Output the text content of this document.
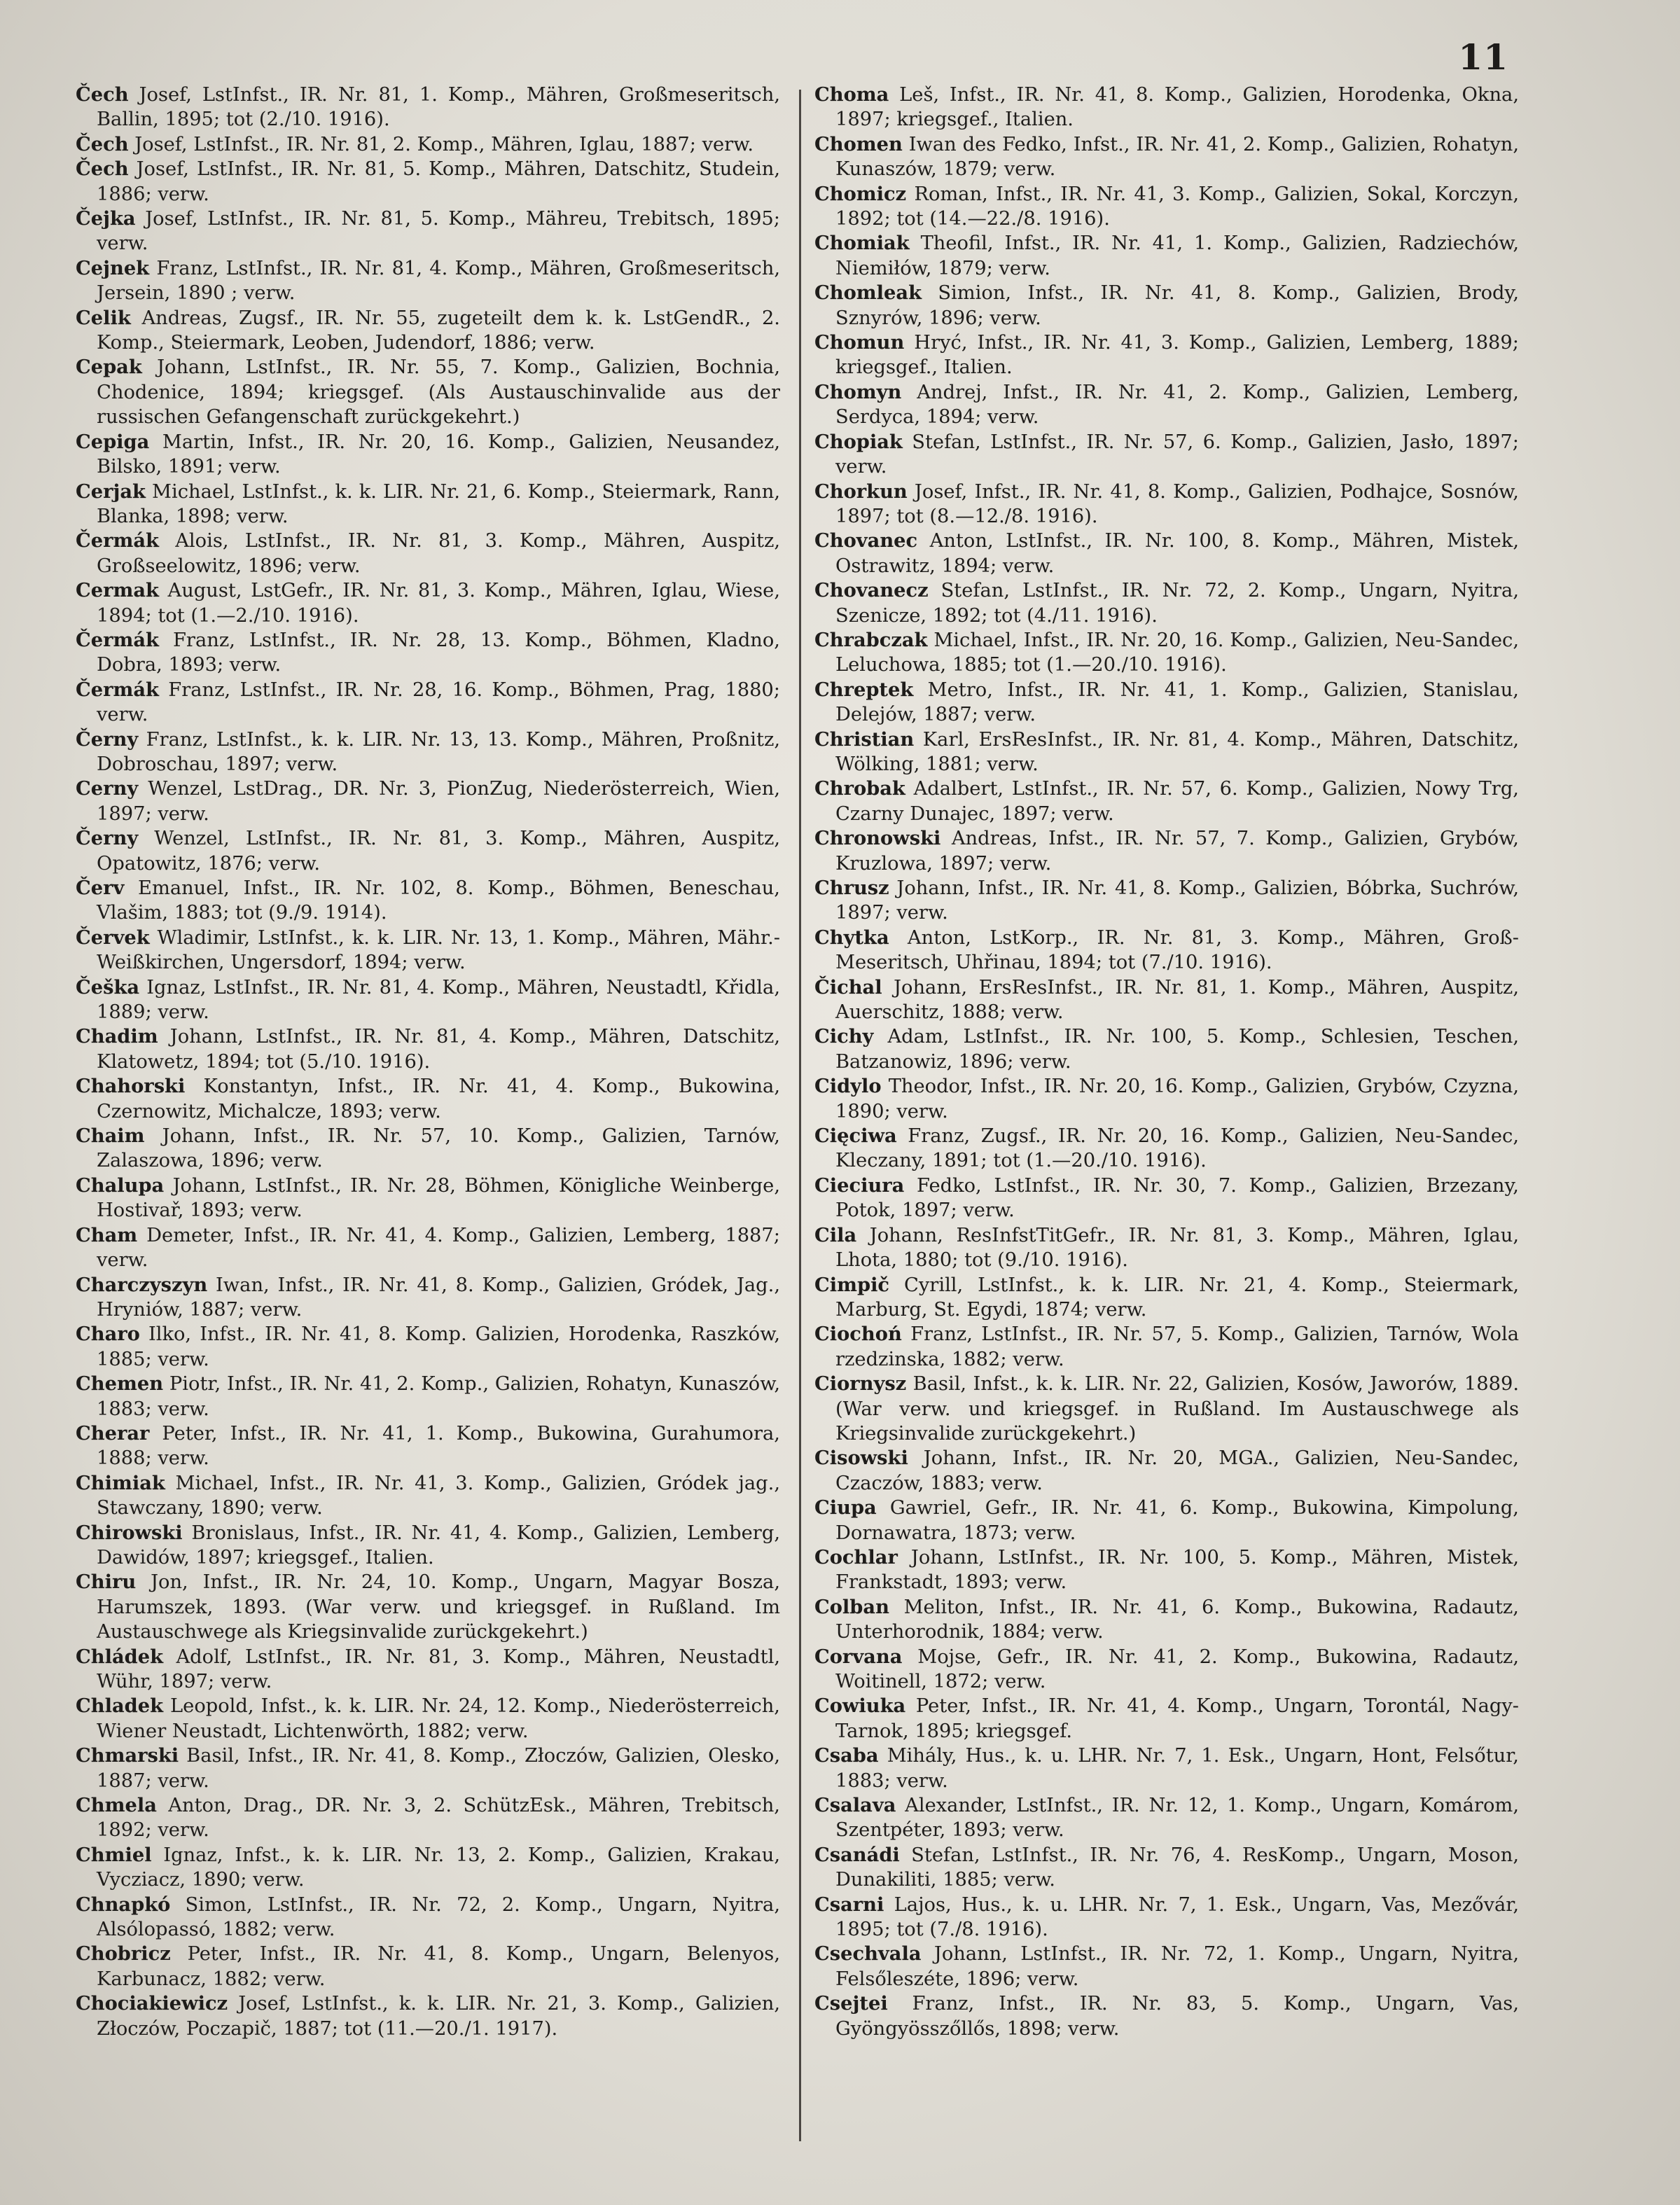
11

Čech Josef, LstInfst., IR. Nr. 81, 1. Komp., Mähren, Großmeseritsch, Ballin, 1895; tot (2./10. 1916).

Čech Josef, LstInfst., IR. Nr. 81, 2. Komp., Mähren, Iglau, 1887; verw.

Čech Josef, LstInfst., IR. Nr. 81, 5. Komp., Mähren, Datschitz, Studein, 1886; verw.

Čejka Josef, LstInfst., IR. Nr. 81, 5. Komp., Mähreu, Trebitsch, 1895; verw.

Cejnek Franz, LstInfst., IR. Nr. 81, 4. Komp., Mähren, Großmeseritsch, Jersein, 1890 ; verw.

Celik Andreas, Zugsf., IR. Nr. 55, zugeteilt dem k. k. LstGendR., 2. Komp., Steiermark, Leoben, Judendorf, 1886; verw.

Cepak Johann, LstInfst., IR. Nr. 55, 7. Komp., Galizien, Bochnia, Chodenice, 1894; kriegsgef. (Als Austauschinvalide aus der russischen Gefangenschaft zurückgekehrt.)

Cepiga Martin, Infst., IR. Nr. 20, 16. Komp., Galizien, Neusandez, Bilsko, 1891; verw.

Cerjak Michael, LstInfst., k. k. LIR. Nr. 21, 6. Komp., Steiermark, Rann, Blanka, 1898; verw.

Čermák Alois, LstInfst., IR. Nr. 81, 3. Komp., Mähren, Auspitz, Großseelowitz, 1896; verw.

Cermak August, LstGefr., IR. Nr. 81, 3. Komp., Mähren, Iglau, Wiese, 1894; tot (1.—2./10. 1916).

Čermák Franz, LstInfst., IR. Nr. 28, 13. Komp., Böhmen, Kladno, Dobra, 1893; verw.

Čermák Franz, LstInfst., IR. Nr. 28, 16. Komp., Böhmen, Prag, 1880; verw.

Černy Franz, LstInfst., k. k. LIR. Nr. 13, 13. Komp., Mähren, Proßnitz, Dobroschau, 1897; verw.

Cerny Wenzel, LstDrag., DR. Nr. 3, PionZug, Niederösterreich, Wien, 1897; verw.

Černy Wenzel, LstInfst., IR. Nr. 81, 3. Komp., Mähren, Auspitz, Opatowitz, 1876; verw.

Červ Emanuel, Infst., IR. Nr. 102, 8. Komp., Böhmen, Beneschau, Vlašim, 1883; tot (9./9. 1914).

Červek Wladimir, LstInfst., k. k. LIR. Nr. 13, 1. Komp., Mähren, Mähr.-Weißkirchen, Ungersdorf, 1894; verw.

Češka Ignaz, LstInfst., IR. Nr. 81, 4. Komp., Mähren, Neustadtl, Křidla, 1889; verw.

Chadim Johann, LstInfst., IR. Nr. 81, 4. Komp., Mähren, Datschitz, Klatowetz, 1894; tot (5./10. 1916).

Chahorski Konstantyn, Infst., IR. Nr. 41, 4. Komp., Bukowina, Czernowitz, Michalcze, 1893; verw.

Chaim Johann, Infst., IR. Nr. 57, 10. Komp., Galizien, Tarnów, Zalaszowa, 1896; verw.

Chalupa Johann, LstInfst., IR. Nr. 28, Böhmen, Königliche Weinberge, Hostivař, 1893; verw.

Cham Demeter, Infst., IR. Nr. 41, 4. Komp., Galizien, Lemberg, 1887; verw.

Charczyszyn Iwan, Infst., IR. Nr. 41, 8. Komp., Galizien, Gródek, Jag., Hryniów, 1887; verw.

Charo Ilko, Infst., IR. Nr. 41, 8. Komp. Galizien, Horodenka, Raszków, 1885; verw.

Chemen Piotr, Infst., IR. Nr. 41, 2. Komp., Galizien, Rohatyn, Kunaszów, 1883; verw.

Cherar Peter, Infst., IR. Nr. 41, 1. Komp., Bukowina, Gurahumora, 1888; verw.

Chimiak Michael, Infst., IR. Nr. 41, 3. Komp., Galizien, Gródek jag., Stawczany, 1890; verw.

Chirowski Bronislaus, Infst., IR. Nr. 41, 4. Komp., Galizien, Lemberg, Dawidów, 1897; kriegsgef., Italien.

Chiru Jon, Infst., IR. Nr. 24, 10. Komp., Ungarn, Magyar Bosza, Harumszek, 1893. (War verw. und kriegsgef. in Rußland. Im Austauschwege als Kriegsinvalide zurückgekehrt.)

Chládek Adolf, LstInfst., IR. Nr. 81, 3. Komp., Mähren, Neustadtl, Wühr, 1897; verw.

Chladek Leopold, Infst., k. k. LIR. Nr. 24, 12. Komp., Niederösterreich, Wiener Neustadt, Lichtenwörth, 1882; verw.

Chmarski Basil, Infst., IR. Nr. 41, 8. Komp., Złoczów, Galizien, Olesko, 1887; verw.

Chmela Anton, Drag., DR. Nr. 3, 2. SchützEsk., Mähren, Trebitsch, 1892; verw.

Chmiel Ignaz, Infst., k. k. LIR. Nr. 13, 2. Komp., Galizien, Krakau, Vycziacz, 1890; verw.

Chnapkó Simon, LstInfst., IR. Nr. 72, 2. Komp., Ungarn, Nyitra, Alsólopassó, 1882; verw.

Chobricz Peter, Infst., IR. Nr. 41, 8. Komp., Ungarn, Belenyos, Karbunacz, 1882; verw.

Chociakiewicz Josef, LstInfst., k. k. LIR. Nr. 21, 3. Komp., Galizien, Złoczów, Poczapič, 1887; tot (11.—20./1. 1917).

Choma Leš, Infst., IR. Nr. 41, 8. Komp., Galizien, Horodenka, Okna, 1897; kriegsgef., Italien.

Chomen Iwan des Fedko, Infst., IR. Nr. 41, 2. Komp., Galizien, Rohatyn, Kunaszów, 1879; verw.

Chomicz Roman, Infst., IR. Nr. 41, 3. Komp., Galizien, Sokal, Korczyn, 1892; tot (14.—22./8. 1916).

Chomiak Theofil, Infst., IR. Nr. 41, 1. Komp., Galizien, Radziechów, Niemiłów, 1879; verw.

Chomleak Simion, Infst., IR. Nr. 41, 8. Komp., Galizien, Brody, Sznyrów, 1896; verw.

Chomun Hryć, Infst., IR. Nr. 41, 3. Komp., Galizien, Lemberg, 1889; kriegsgef., Italien.

Chomyn Andrej, Infst., IR. Nr. 41, 2. Komp., Galizien, Lemberg, Serdyca, 1894; verw.

Chopiak Stefan, LstInfst., IR. Nr. 57, 6. Komp., Galizien, Jasło, 1897; verw.

Chorkun Josef, Infst., IR. Nr. 41, 8. Komp., Galizien, Podhajce, Sosnów, 1897; tot (8.—12./8. 1916).

Chovanec Anton, LstInfst., IR. Nr. 100, 8. Komp., Mähren, Mistek, Ostrawitz, 1894; verw.

Chovanecz Stefan, LstInfst., IR. Nr. 72, 2. Komp., Ungarn, Nyitra, Szenicze, 1892; tot (4./11. 1916).

Chrabczak Michael, Infst., IR. Nr. 20, 16. Komp., Galizien, Neu-Sandec, Leluchowa, 1885; tot (1.—20./10. 1916).

Chreptek Metro, Infst., IR. Nr. 41, 1. Komp., Galizien, Stanislau, Delejów, 1887; verw.

Christian Karl, ErsResInfst., IR. Nr. 81, 4. Komp., Mähren, Datschitz, Wölking, 1881; verw.

Chrobak Adalbert, LstInfst., IR. Nr. 57, 6. Komp., Galizien, Nowy Trg, Czarny Dunajec, 1897; verw.

Chronowski Andreas, Infst., IR. Nr. 57, 7. Komp., Galizien, Grybów, Kruzlowa, 1897; verw.

Chrusz Johann, Infst., IR. Nr. 41, 8. Komp., Galizien, Bóbrka, Suchrów, 1897; verw.

Chytka Anton, LstKorp., IR. Nr. 81, 3. Komp., Mähren, Groß-Meseritsch, Uhřinau, 1894; tot (7./10. 1916).

Čichal Johann, ErsResInfst., IR. Nr. 81, 1. Komp., Mähren, Auspitz, Auerschitz, 1888; verw.

Cichy Adam, LstInfst., IR. Nr. 100, 5. Komp., Schlesien, Teschen, Batzanowiz, 1896; verw.

Cidylo Theodor, Infst., IR. Nr. 20, 16. Komp., Galizien, Grybów, Czyzna, 1890; verw.

Cięciwa Franz, Zugsf., IR. Nr. 20, 16. Komp., Galizien, Neu-Sandec, Kleczany, 1891; tot (1.—20./10. 1916).

Cieciura Fedko, LstInfst., IR. Nr. 30, 7. Komp., Galizien, Brzezany, Potok, 1897; verw.

Cila Johann, ResInfstTitGefr., IR. Nr. 81, 3. Komp., Mähren, Iglau, Lhota, 1880; tot (9./10. 1916).

Cimpič Cyrill, LstInfst., k. k. LIR. Nr. 21, 4. Komp., Steiermark, Marburg, St. Egydi, 1874; verw.

Ciochoń Franz, LstInfst., IR. Nr. 57, 5. Komp., Galizien, Tarnów, Wola rzedzinska, 1882; verw.

Ciornysz Basil, Infst., k. k. LIR. Nr. 22, Galizien, Kosów, Jaworów, 1889. (War verw. und kriegsgef. in Rußland. Im Austauschwege als Kriegsinvalide zurückgekehrt.)

Cisowski Johann, Infst., IR. Nr. 20, MGA., Galizien, Neu-Sandec, Czaczów, 1883; verw.

Ciupa Gawriel, Gefr., IR. Nr. 41, 6. Komp., Bukowina, Kimpolung, Dornawatra, 1873; verw.

Cochlar Johann, LstInfst., IR. Nr. 100, 5. Komp., Mähren, Mistek, Frankstadt, 1893; verw.

Colban Meliton, Infst., IR. Nr. 41, 6. Komp., Bukowina, Radautz, Unterhorodnik, 1884; verw.

Corvana Mojse, Gefr., IR. Nr. 41, 2. Komp., Bukowina, Radautz, Woitinell, 1872; verw.

Cowiuka Peter, Infst., IR. Nr. 41, 4. Komp., Ungarn, Torontál, Nagy-Tarnok, 1895; kriegsgef.

Csaba Mihály, Hus., k. u. LHR. Nr. 7, 1. Esk., Ungarn, Hont, Felsőtur, 1883; verw.

Csalava Alexander, LstInfst., IR. Nr. 12, 1. Komp., Ungarn, Komárom, Szentpéter, 1893; verw.

Csanádi Stefan, LstInfst., IR. Nr. 76, 4. ResKomp., Ungarn, Moson, Dunakiliti, 1885; verw.

Csarni Lajos, Hus., k. u. LHR. Nr. 7, 1. Esk., Ungarn, Vas, Mezővár, 1895; tot (7./8. 1916).

Csechvala Johann, LstInfst., IR. Nr. 72, 1. Komp., Ungarn, Nyitra, Felsőleszéte, 1896; verw.

Csejtei Franz, Infst., IR. Nr. 83, 5. Komp., Ungarn, Vas, Gyöngyösszőllős, 1898; verw.
